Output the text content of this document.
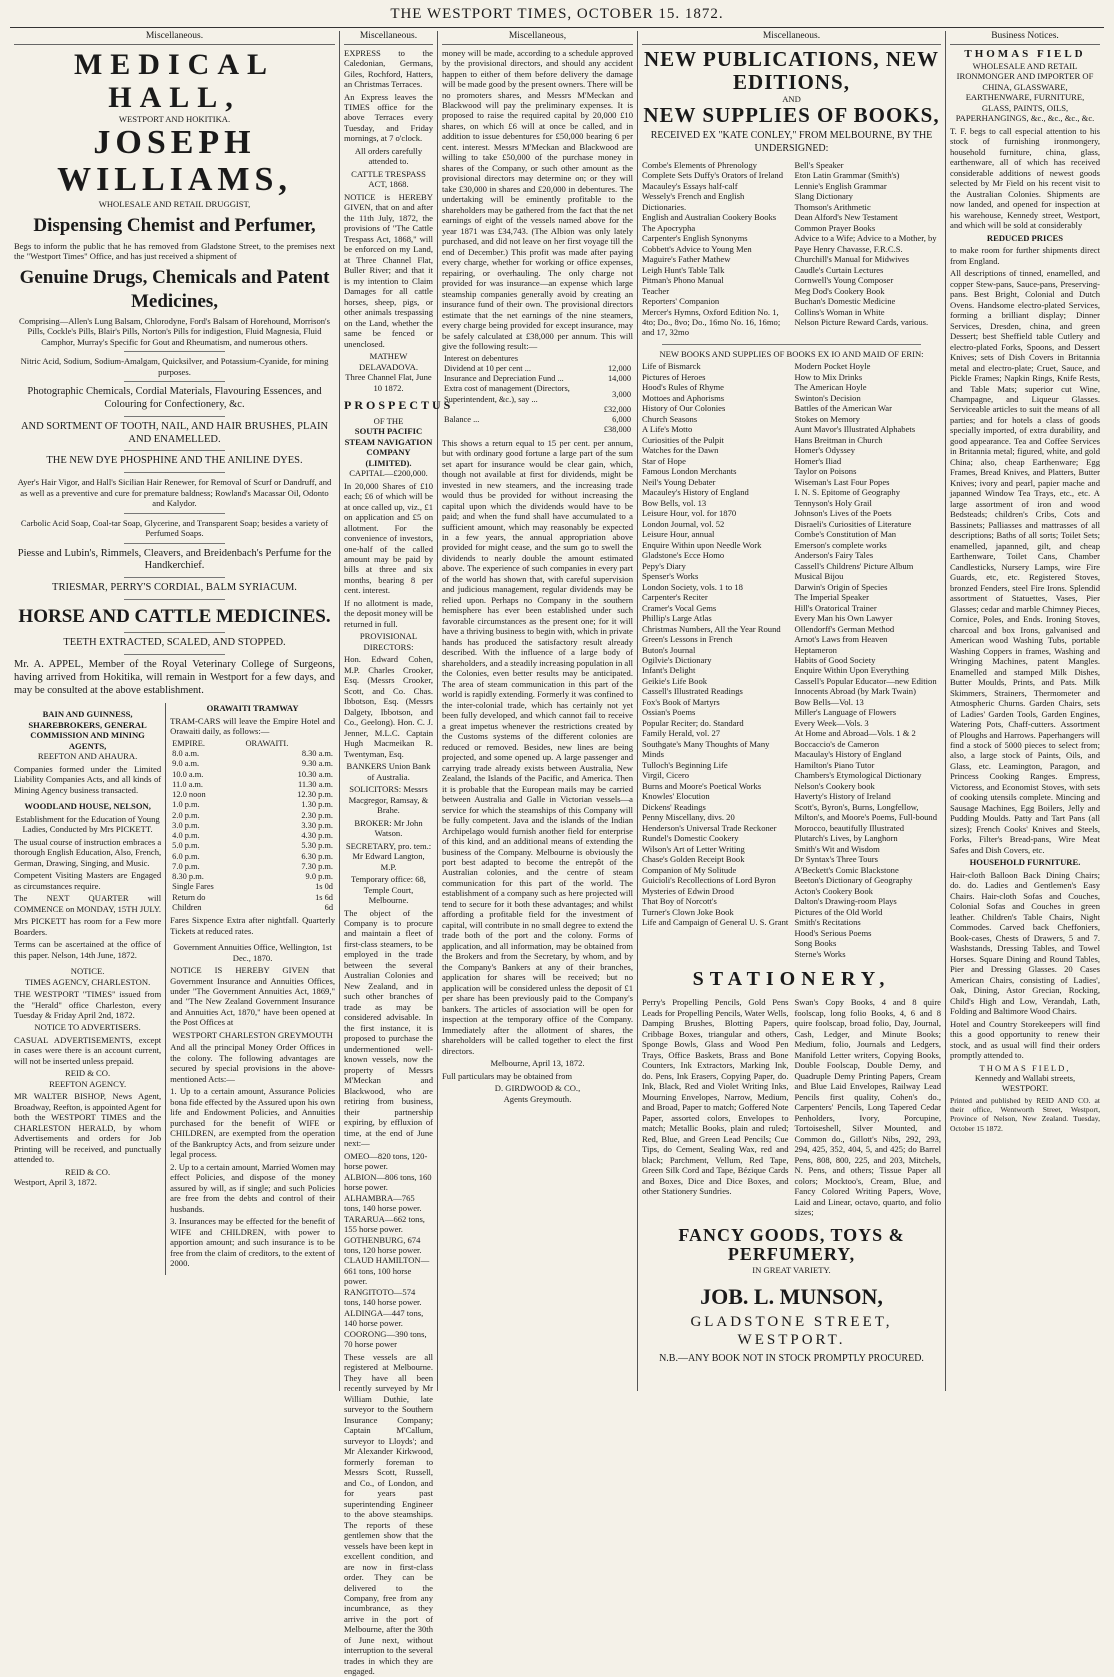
THE WESTPORT TIMES, OCTOBER 15. 1872.
Miscellaneous.
MEDICAL HALL,
WESTPORT AND HOKITIKA.
JOSEPH WILLIAMS,
WHOLESALE AND RETAIL DRUGGIST,
Dispensing Chemist and Perfumer,

Begs to inform the public that he has removed from Gladstone Street, to the premises next the "Westport Times" Office, and has just received a shipment of

Genuine Drugs, Chemicals and Patent Medicines,

Comprising—Allen's Lung Balsam, Chlorodyne, Ford's Balsam of Horehound, Morrison's Pills, Cockle's Pills, Blair's Pills, Norton's Pills for indigestion, Fluid Magnesia, Fluid Camphor, Murray's Specific for Gout and Rheumatism, and numerous others.

Nitric Acid, Sodium, Sodium-Amalgam, Quicksilver, and Potassium-Cyanide, for mining purposes.

Photographic Chemicals, Cordial Materials, Flavouring Essences, and Colouring for Confectionery, &c.
AND SORTMENT OF TOOTH, NAIL, AND HAIR BRUSHES, PLAIN AND ENAMELLED.
THE NEW DYE PHOSPHINE AND THE ANILINE DYES.

Ayer's Hair Vigor, and Hall's Sicilian Hair Renewer, for Removal of Scurf or Dandruff, and as well as a preventive and cure for premature baldness; Rowland's Macassar Oil, Odonto and Kalydor.

Carbolic Acid Soap, Coal-tar Soap, Glycerine, and Transparent Soap; besides a variety of Perfumed Soaps.

Piesse and Lubin's, Rimmels, Cleavers, and Breidenbach's Perfume for the Handkerchief.
TRIESMAR, PERRY'S CORDIAL, BALM SYRIACUM.
HORSE AND CATTLE MEDICINES.
TEETH EXTRACTED, SCALED, AND STOPPED.

Mr. A. APPEL, Member of the Royal Veterinary College of Surgeons, having arrived from Hokitika, will remain in Westport for a few days, and may be consulted at the above establishment.

BAIN AND GUINNESS, SHAREBROKERS, GENERAL COMMISSION AND MINING AGENTS,
REEFTON AND AHAURA.

Companies formed under the Limited Liability Companies Acts, and all kinds of Mining Agency business transacted.

WOODLAND HOUSE, NELSON,

Establishment for the Education of Young Ladies, Conducted by Mrs PICKETT.

The usual course of instruction embraces a thorough English Education, Also, French, German, Drawing, Singing, and Music.

Competent Visiting Masters are Engaged as circumstances require.

The NEXT QUARTER will COMMENCE on MONDAY, 15TH JULY.

Mrs PICKETT has room for a Few more Boarders.

Terms can be ascertained at the office of this paper. Nelson, 14th June, 1872.

NOTICE.
TIMES AGENCY, CHARLESTON.

THE WESTPORT "TIMES" issued from the "Herald" office Charleston, every Tuesday & Friday April 2nd, 1872.

NOTICE TO ADVERTISERS.

CASUAL ADVERTISEMENTS, except in cases were there is an account current, will not be inserted unless prepaid.

REID & CO.
REEFTON AGENCY.

MR WALTER BISHOP, News Agent, Broadway, Reefton, is appointed Agent for both the WESTPORT TIMES and the CHARLESTON HERALD, by whom Advertisements and orders for Job Printing will be received, and punctually attended to.

REID & CO.
Westport, April 3, 1872.
ORAWAITI TRAMWAY

TRAM-CARS will leave the Empire Hotel and Orawaiti daily, as follows:—

EMPIRE.	ORAWAITI.
8.0 a.m.	8.30 a.m.
9.0 a.m.	9.30 a.m.
10.0 a.m.	10.30 a.m.
11.0 a.m.	11.30 a.m.
12.0 noon	12.30 p.m.
1.0 p.m.	1.30 p.m.
2.0 p.m.	2.30 p.m.
3.0 p.m.	3.30 p.m.
4.0 p.m.	4.30 p.m.
5.0 p.m.	5.30 p.m.
6.0 p.m.	6.30 p.m.
7.0 p.m.	7.30 p.m.
8.30 p.m.	9.0 p.m.
Single Fares	1s 0d
Return do	1s 6d
Children	6d

Fares Sixpence Extra after nightfall. Quarterly Tickets at reduced rates.

Government Annuities Office, Wellington, 1st Dec., 1870.

NOTICE IS HEREBY GIVEN that Government Insurance and Annuities Offices, under "The Government Annuities Act, 1869," and "The New Zealand Government Insurance and Annuities Act, 1870," have been opened at the Post Offices at

WESTPORT CHARLESTON GREYMOUTH

And all the principal Money Order Offices in the colony. The following advantages are secured by special provisions in the above-mentioned Acts:—

1. Up to a certain amount, Assurance Policies bona fide effected by the Assured upon his own life and Endowment Policies, and Annuities purchased for the benefit of WIFE or CHILDREN, are exempted from the operation of the Bankruptcy Acts, and from seizure under legal process.

2. Up to a certain amount, Married Women may effect Policies, and dispose of the money assured by will, as if single; and such Policies are free from the debts and control of their husbands.

3. Insurances may be effected for the benefit of WIFE and CHILDREN, with power to apportion amount; and such insurance is to be free from the claim of creditors, to the extent of 2000.

Miscellaneous.

EXPRESS to the Caledonian, Germans, Giles, Rochford, Hatters, an Christmas Terraces.

An Express leaves the TIMES office for the above Terraces every Tuesday, and Friday mornings, at 7 o'clock.

All orders carefully attended to.

CATTLE TRESPASS ACT, 1868.

NOTICE is HEREBY GIVEN, that on and after the 11th July, 1872, the provisions of "The Cattle Trespass Act, 1868," will be enforced on my Land, at Three Channel Flat, Buller River; and that it is my intention to Claim Damages for all cattle horses, sheep, pigs, or other animals trespassing on the Land, whether the same be fenced or unenclosed.

MATHEW DELAVADOVA.
Three Channel Flat, June 10 1872.
PROSPECTUS
OF THE
SOUTH PACIFIC STEAM NAVIGATION COMPANY (LIMITED).
CAPITAL—£200,000.

In 20,000 Shares of £10 each; £6 of which will be at once called up, viz., £1 on application and £5 on allotment. For the convenience of investors, one-half of the called amount may be paid by bills at three and six months, bearing 8 per cent. interest.

If no allotment is made, the deposit money will be returned in full.

PROVISIONAL DIRECTORS:

Hon. Edward Cohen, M.P. Charles Crooker, Esq. (Messrs Crooker, Scott, and Co. Chas. Ibbotson, Esq. (Messrs Dalgety, Ibbotson, and Co., Geelong). Hon. C. J. Jenner, M.L.C. Captain Hugh Macmeikan R. Twentyman, Esq.

BANKERS Union Bank of Australia.

SOLICITORS: Messrs Macgregor, Ramsay, & Brahe.

BROKER: Mr John Watson.

SECRETARY, pro. tem.: Mr Edward Langton, M.P.

Temporary office: 68, Temple Court, Melbourne.

The object of the Company is to procure and maintain a fleet of first-class steamers, to be employed in the trade between the several Australian Colonies and New Zealand, and in such other branches of trade as may be considered advisable. In the first instance, it is proposed to purchase the undermentioned well-known vessels, now the property of Messrs M'Meckan and Blackwood, who are retiring from business, their partnership expiring, by effluxion of time, at the end of June next:—

OMEO—820 tons, 120-horse power.
ALBION—806 tons, 160 horse power.
ALHAMBRA—765 tons, 140 horse power.
TARARUA—662 tons, 155 horse power.
GOTHENBURG, 674 tons, 120 horse power.
CLAUD HAMILTON—661 tons, 100 horse power.
RANGITOTO—574 tons, 140 horse power.
ALDINGA—447 tons, 140 horse power.
COORONG—390 tons, 70 horse power

These vessels are all registered at Melbourne. They have all been recently surveyed by Mr William Duthie, late surveyor to the Southern Insurance Company; Captain M'Callum, surveyor to Lloyds'; and Mr Alexander Kirkwood, formerly foreman to Messrs Scott, Russell, and Co., of London, and for years past superintending Engineer to the above steamships. The reports of these gentlemen show that the vessels have been kept in excellent condition, and are now in first-class order. They can be delivered to the Company, free from any incumbrance, as they arrive in the port of Melbourne, after the 30th of June next, without interruption to the several trades in which they are engaged.

Miscellaneous,

money will be made, according to a schedule approved by the provisional directors, and should any accident happen to either of them before delivery the damage will be made good by the present owners. There will be no promoters shares, and Messrs M'Meckan and Blackwood will pay the preliminary expenses. It is proposed to raise the required capital by 20,000 £10 shares, on which £6 will at once be called, and in addition to issue debentures for £50,000 bearing 6 per cent. interest. Messrs M'Meckan and Blackwood are willing to take £50,000 of the purchase money in shares of the Company, or such other amount as the provisional directors may determine on; or they will take £30,000 in shares and £20,000 in debentures. The undertaking will be eminently profitable to the shareholders may be gathered from the fact that the net earnings of eight of the vessels named above for the year 1871 was £34,743. (The Albion was only lately purchased, and did not leave on her first voyage till the end of December.) This profit was made after paying every charge, whether for working or office expenses, repairing, or overhauling. The only charge not provided for was insurance—an expense which large steamship companies generally avoid by creating an insurance fund of their own. The provisional directors estimate that the net earnings of the nine steamers, every charge being provided for except insurance, may be safely calculated at £38,000 per annum. This will give the following result:—

Interest on debentures	
Dividend at 10 per cent ...	12,000
Insurance and Depreciation Fund ...	14,000
Extra cost of management (Directors, Superintendent, &c.), say ...	3,000
	£32,000
Balance ...	6,000
	£38,000

This shows a return equal to 15 per cent. per annum, but with ordinary good fortune a large part of the sum set apart for insurance would be clear gain, which, though not available at first for dividends, might be invested in new steamers, and the increasing trade would thus be provided for without increasing the capital upon which the dividends would have to be paid; and when the fund shall have accumulated to a sufficient amount, which may reasonably be expected in a few years, the annual appropriation above provided for might cease, and the sum go to swell the dividends to nearly double the amount estimated above. The experience of such companies in every part of the world has shown that, with careful supervision and judicious management, regular dividends may be relied upon. Perhaps no Company in the southern hemisphere has ever been established under such favorable circumstances as the present one; for it will have a thriving business to begin with, which in private hands has produced the satisfactory result already described. With the influence of a large body of shareholders, and a steadily increasing population in all the Colonies, even better results may be anticipated. The area of steam communication in this part of the world is rapidly extending. Formerly it was confined to the inter-colonial trade, which has certainly not yet been fully developed, and which cannot fail to receive a great impetus whenever the restrictions created by the Customs systems of the different colonies are reduced or removed. Besides, new lines are being projected, and some opened up. A large passenger and carrying trade already exists between Australia, New Zealand, the Islands of the Pacific, and America. Then it is probable that the European mails may be carried between Australia and Galle in Victorian vessels—a service for which the steamships of this Company will be fully competent. Java and the islands of the Indian Archipelago would furnish another field for enterprise of this kind, and an additional means of extending the business of the Company. Melbourne is obviously the port best adapted to become the entrepôt of the Australian colonies, and the centre of steam communication for this part of the world. The establishment of a company such as here projected will tend to secure for it both these advantages; and whilst affording a profitable field for the investment of capital, will contribute in no small degree to extend the trade both of the port and the colony. Forms of application, and all information, may be obtained from the Brokers and from the Secretary, by whom, and by the Company's Bankers at any of their branches, application for shares will be received; but no application will be considered unless the deposit of £1 per share has been previously paid to the Company's bankers. The articles of association will be open for inspection at the temporary office of the Company. Immediately after the allotment of shares, the shareholders will be called together to elect the first directors.

Melbourne, April 13, 1872.

Full particulars may be obtained from

D. GIRDWOOD & CO.,
Agents Greymouth.
Miscellaneous.
NEW PUBLICATIONS, NEW EDITIONS,
AND
NEW SUPPLIES OF BOOKS,
RECEIVED EX "KATE CONLEY," FROM MELBOURNE, BY THE UNDERSIGNED:
Combe's Elements of Phrenology
Complete Sets Duffy's Orators of Ireland
Macauley's Essays half-calf
Wessely's French and English Dictionaries.
English and Australian Cookery Books
The Apocrypha
Carpenter's English Synonyms
Cobbett's Advice to Young Men
Maguire's Father Mathew
Leigh Hunt's Table Talk
Pitman's Phono Manual
Teacher
Reporters' Companion
Mercer's Hymns, Oxford Edition No. 1, 4to; Do., 8vo; Do., 16mo No. 16, 16mo; and 17, 32mo
Bell's Speaker
Eton Latin Grammar (Smith's)
Lennie's English Grammar
Slang Dictionary
Thomson's Arithmetic
Dean Alford's New Testament
Common Prayer Books
Advice to a Wife; Advice to a Mother, by Paye Henry Chavasse, F.R.C.S.
Churchill's Manual for Midwives
Caudle's Curtain Lectures
Cornwell's Young Composer
Meg Dod's Cookery Book
Buchan's Domestic Medicine
Collins's Woman in White
Nelson Picture Reward Cards, various.
NEW BOOKS AND SUPPLIES OF BOOKS EX IO AND MAID OF ERIN:
Life of Bismarck
Pictures of Heroes
Hood's Rules of Rhyme
Mottoes and Aphorisms
History of Our Colonies
Church Seasons
A Life's Motto
Curiosities of the Pulpit
Watches for the Dawn
Star of Hope
Famous London Merchants
Neil's Young Debater
Macauley's History of England
Bow Bells, vol. 13
Leisure Hour, vol. for 1870
London Journal, vol. 52
Leisure Hour, annual
Enquire Within upon Needle Work
Gladstone's Ecce Homo
Pepy's Diary
Spenser's Works
London Society, vols. 1 to 18
Carpenter's Reciter
Cramer's Vocal Gems
Phillip's Large Atlas
Christmas Numbers, All the Year Round
Green's Lessons in French
Buton's Journal
Ogilvie's Dictionary
Infant's Delight
Geikie's Life Book
Cassell's Illustrated Readings
Fox's Book of Martyrs
Ossian's Poems
Popular Reciter; do. Standard
Family Herald, vol. 27
Southgate's Many Thoughts of Many Minds
Tulloch's Beginning Life
Virgil, Cicero
Burns and Moore's Poetical Works
Knowles' Elocution
Dickens' Readings
Penny Miscellany, divs. 20
Henderson's Universal Trade Reckoner
Rundel's Domestic Cookery
Wilson's Art of Letter Writing
Chase's Golden Receipt Book
Companion of My Solitude
Guicioli's Recollections of Lord Byron
Mysteries of Edwin Drood
That Boy of Norcott's
Turner's Clown Joke Book
Life and Campaign of General U. S. Grant
Modern Pocket Hoyle
How to Mix Drinks
The American Hoyle
Swinton's Decision
Battles of the American War
Stokes on Memory
Aunt Mavor's Illustrated Alphabets
Hans Breitman in Church
Homer's Odyssey
Homer's Iliad
Taylor on Poisons
Wiseman's Last Four Popes
I. N. S. Epitome of Geography
Tennyson's Holy Grail
Johnson's Lives of the Poets
Disraeli's Curiosities of Literature
Combe's Constitution of Man
Emerson's complete works
Anderson's Fairy Tales
Cassell's Childrens' Picture Album
Musical Bijou
Darwin's Origin of Species
The Imperial Speaker
Hill's Oratorical Trainer
Every Man his Own Lawyer
Ollendorff's German Method
Arnot's Laws from Heaven
Heptameron
Habits of Good Society
Enquire Within Upon Everything
Cassell's Popular Educator—new Edition
Innocents Abroad (by Mark Twain)
Bow Bells—Vol. 13
Miller's Language of Flowers
Every Week—Vols. 3
At Home and Abroad—Vols. 1 & 2
Boccaccio's de Cameron
Macaulay's History of England
Hamilton's Piano Tutor
Chambers's Etymological Dictionary
Nelson's Cookery book
Haverty's History of Ireland
Scott's, Byron's, Burns, Longfellow, Milton's, and Moore's Poems, Full-bound Morocco, beautifully Illustrated
Plutarch's Lives, by Langhorn
Smith's Wit and Wisdom
Dr Syntax's Three Tours
A'Beckett's Comic Blackstone
Beeton's Dictionary of Geography
Acton's Cookery Book
Dalton's Drawing-room Plays
Pictures of the Old World
Smith's Recitations
Hood's Serious Poems
Song Books
Sterne's Works
STATIONERY,

Perry's Propelling Pencils, Gold Pens Leads for Propelling Pencils, Water Wells, Damping Brushes, Blotting Papers, Cribbage Boxes, triangular and others, Sponge Bowls, Glass and Wood Pen Trays, Office Baskets, Brass and Bone Counters, Ink Extractors, Marking Ink, do. Pens, Ink Erasers, Copying Paper, do. Ink, Black, Red and Violet Writing Inks, Mourning Envelopes, Narrow, Medium, and Broad, Paper to match; Goffered Note Paper, assorted colors, Envelopes to match; Metallic Books, plain and ruled; Red, Blue, and Green Lead Pencils; Cue Tips, do Cement, Sealing Wax, red and black; Parchment, Vellum, Red Tape, Green Silk Cord and Tape, Bézique Cards and Boxes, Dice and Dice Boxes, and other Stationery Sundries.

Swan's Copy Books, 4 and 8 quire foolscap, long folio Books, 4, 6 and 8 quire foolscap, broad folio, Day, Journal, Cash, Ledger, and Minute Books; Medium, folio, Journals and Ledgers, Manifold Letter writers, Copying Books, Double Foolscap, Double Demy, and Quadruple Demy Printing Papers, Cream and Blue Laid Envelopes, Railway Lead Pencils first quality, Cohen's do., Carpenters' Pencils, Long Tapered Cedar Penholders, Ivory, Porcupine, Tortoiseshell, Silver Mounted, and Common do., Gillott's Nibs, 292, 293, 294, 425, 352, 404, 5, and 425; do Barrel Pens, 808, 800, 225, and 203, Mitchels, N. Pens, and others; Tissue Paper all colors; Mocktoo's, Cream, Blue, and Fancy Colored Writing Papers, Wove, Laid and Linear, octavo, quarto, and folio sizes;

FANCY GOODS, TOYS & PERFUMERY,
IN GREAT VARIETY.
JOB. L. MUNSON,
GLADSTONE STREET, WESTPORT.
N.B.—ANY BOOK NOT IN STOCK PROMPTLY PROCURED.
Business Notices.
THOMAS FIELD
WHOLESALE AND RETAIL IRONMONGER AND IMPORTER OF CHINA, GLASSWARE, EARTHENWARE, FURNITURE, GLASS, PAINTS, OILS, PAPERHANGINGS, &c., &c., &c., &c.

T. F. begs to call especial attention to his stock of furnishing ironmongery, household furniture, china, glass, earthenware, all of which has received considerable additions of newest goods selected by Mr Field on his recent visit to the Australian Colonies. Shipments are now landed, and opened for inspection at his warehouse, Kennedy street, Westport, and which will be sold at considerably

REDUCED PRICES

to make room for further shipments direct from England.

All descriptions of tinned, enamelled, and copper Stew-pans, Sauce-pans, Preserving-pans. Best Bright, Colonial and Dutch Ovens. Handsome electro-plated Services, forming a brilliant display; Dinner Services, Dresden, china, and green Dessert; best Sheffield table Cutlery and electro-plated Forks, Spoons, and Dessert Knives; sets of Dish Covers in Britannia metal and electro-plate; Cruet, Sauce, and Pickle Frames; Napkin Rings, Knife Rests, and Table Mats; superior cut Wine, Champagne, and Liqueur Glasses. Serviceable articles to suit the means of all parties; and for hotels a class of goods specially imported, of extra durability, and good appearance. Tea and Coffee Services in Britannia metal; figured, white, and gold China; also, cheap Earthenware; Egg Frames, Bread Knives, and Platters, Butter Knives; ivory and pearl, papier mache and japanned Window Tea Trays, etc., etc. A large assortment of iron and wood Bedsteads; children's Cribs, Cots and Bassinets; Palliasses and mattrasses of all descriptions; Baths of all sorts; Toilet Sets; enamelled, japanned, gilt, and cheap Earthenware, Toilet Cans, Chamber Candlesticks, Nursery Lamps, wire Fire Guards, etc, etc. Registered Stoves, bronzed Fenders, steel Fire Irons. Splendid assortment of Statuettes, Vases, Pier Glasses; cedar and marble Chimney Pieces, Cornice, Poles, and Ends. Ironing Stoves, charcoal and box Irons, galvanised and American wood Washing Tubs, portable Washing Coppers in frames, Washing and Wringing Machines, patent Mangles. Enamelled and stamped Milk Dishes, Butter Moulds, Prints, and Pats. Milk Skimmers, Strainers, Thermometer and Atmospheric Churns. Garden Chairs, sets of Ladies' Garden Tools, Garden Engines, Watering Pots, Chaff-cutters. Assortment of Ploughs and Harrows. Paperhangers will find a stock of 5000 pieces to select from; also, a large stock of Paints, Oils, and Glass, etc. Leamington, Paragon, and Princess Cooking Ranges. Empress, Victoress, and Economist Stoves, with sets of cooking utensils complete. Mincing and Sausage Machines, Egg Boilers, Jelly and Pudding Moulds. Patty and Tart Pans (all sizes); French Cooks' Knives and Steels, Forks, Filter's Bread-pans, Wire Meat Safes and Dish Covers, etc.

HOUSEHOLD FURNITURE.

Hair-cloth Balloon Back Dining Chairs; do. do. Ladies and Gentlemen's Easy Chairs. Hair-cloth Sofas and Couches, Colonial Sofas and Couches in green leather. Children's Table Chairs, Night Commodes. Carved back Cheffoniers, Book-cases, Chests of Drawers, 5 and 7. Washstands, Dressing Tables, and Towel Horses. Square Dining and Round Tables, Pier and Dressing Glasses. 20 Cases American Chairs, consisting of Ladies', Oak, Dining, Astor Grecian, Rocking, Child's High and Low, Verandah, Lath, Folding and Baltimore Wood Chairs.

Hotel and Country Storekeepers will find this a good opportunity to renew their stock, and as usual will find their orders promptly attended to.

THOMAS FIELD,
Kennedy and Wallabi streets,
WESTPORT.

Printed and published by REID AND CO. at their office, Wentworth Street, Westport, Province of Nelson, New Zealand. Tuesday, October 15 1872.
